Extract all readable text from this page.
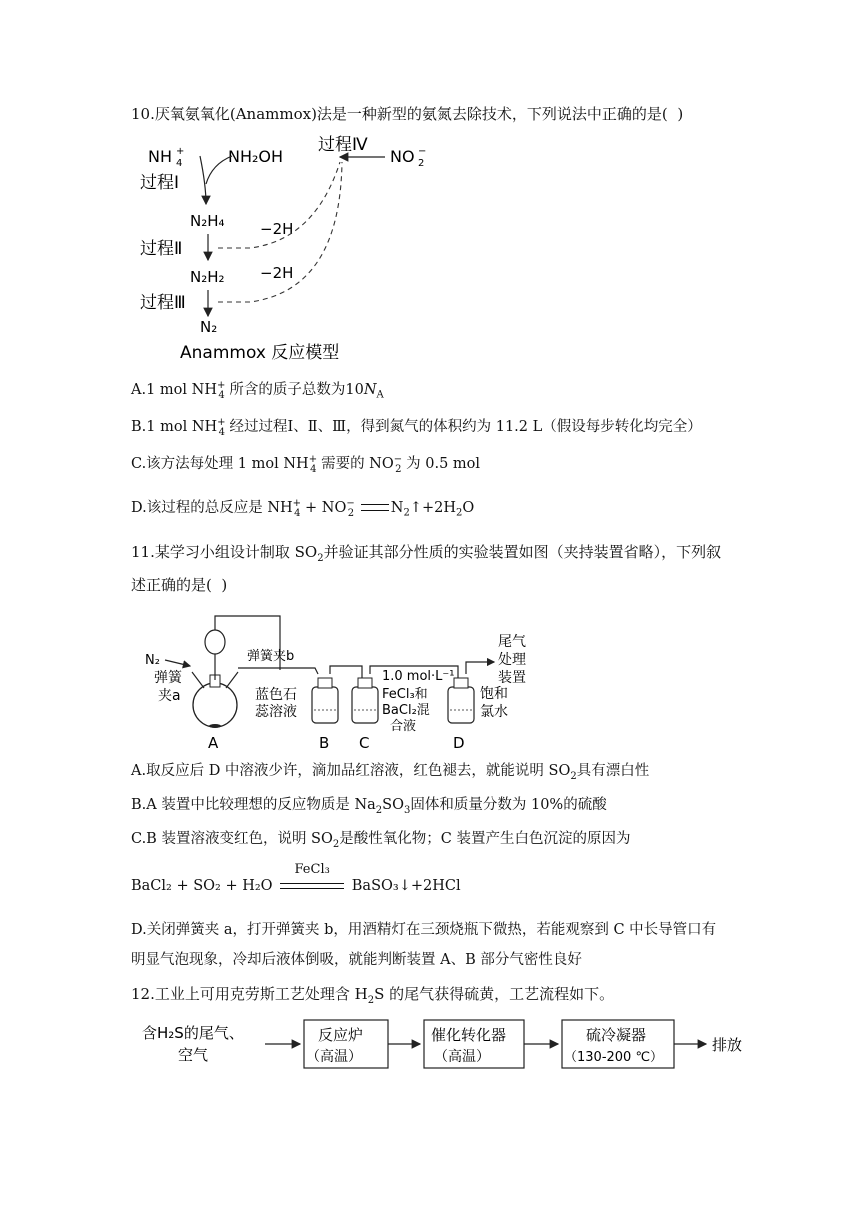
10.厌氧氨氧化(Anammox)法是一种新型的氨氮去除技术，下列说法中正确的是(  )
NH +
4	NH₂OH
过程Ⅳ
NO −
2
过程Ⅰ
N₂H₄ −2H
过程Ⅱ
N₂H₂ −2H
过程Ⅲ
N₂
Anammox 反应模型
A.1 mol $NH^+_4$ 所含的质子总数为$10N_A$
B.1 mol $NH^+_4$ 经过过程Ⅰ、Ⅱ、Ⅲ，得到氮气的体积约为 11.2 L（假设每步转化均完全）
C.该方法每处理 1 mol $NH^+_4$ 需要的 $NO^-_2$ 为 0.5 mol
D.该过程的总反应是 $NH^+_4 + NO^-_2$	$N_2↑+2H_2O$
11.某学习小组设计制取 $SO_2$并验证其部分性质的实验装置如图（夹持装置省略），下列叙
述正确的是(  )
N₂
弹簧
夹a
弹簧夹b
蓝色石
蕊溶液
1.0 mol·L⁻¹
FeCl₃和
BaCl₂混
合液
饱和
氯水
尾气
处理
装置
A	B C	D
A.取反应后 D 中溶液少许，滴加品红溶液，红色褪去，就能说明 $SO_2$具有漂白性
B.A 装置中比较理想的反应物质是 $Na_2SO_3$固体和质量分数为 10%的硫酸
C.B 装置溶液变红色，说明 $SO_2$是酸性氧化物；C 装置产生白色沉淀的原因为
BaCl₂ + SO₂ + H₂O
FeCl₃
BaSO₃↓+2HCl
D.关闭弹簧夹 a，打开弹簧夹 b，用酒精灯在三颈烧瓶下微热，若能观察到 C 中长导管口有
明显气泡现象，冷却后液体倒吸，就能判断装置 A、B 部分气密性良好
12.工业上可用克劳斯工艺处理含 $H_2S$ 的尾气获得硫黄，工艺流程如下。
含H₂S的尾气、
空气
反应炉
（高温）
催化转化器
（高温）
硫冷凝器
（130-200 ℃）
排放
